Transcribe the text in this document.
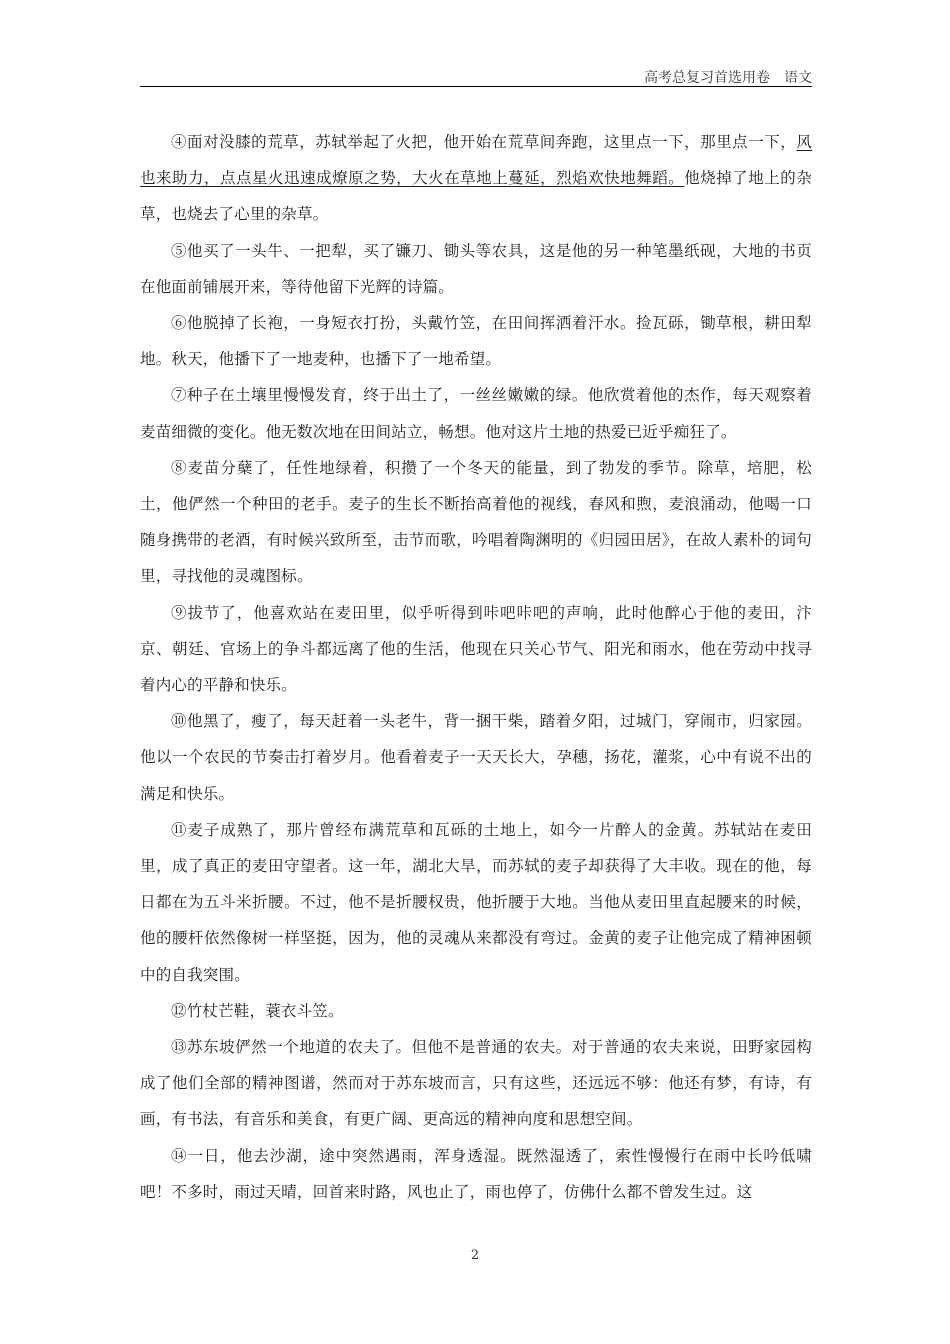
高考总复习首选用卷　语文

④面对没膝的荒草，苏轼举起了火把，他开始在荒草间奔跑，这里点一下，那里点一下，风也来助力，点点星火迅速成燎原之势，大火在草地上蔓延，烈焰欢快地舞蹈。他烧掉了地上的杂草，也烧去了心里的杂草。

⑤他买了一头牛、一把犁，买了镰刀、锄头等农具，这是他的另一种笔墨纸砚，大地的书页在他面前铺展开来，等待他留下光辉的诗篇。

⑥他脱掉了长袍，一身短衣打扮，头戴竹笠，在田间挥洒着汗水。捡瓦砾，锄草根，耕田犁地。秋天，他播下了一地麦种，也播下了一地希望。

⑦种子在土壤里慢慢发育，终于出土了，一丝丝嫩嫩的绿。他欣赏着他的杰作，每天观察着麦苗细微的变化。他无数次地在田间站立，畅想。他对这片土地的热爱已近乎痴狂了。

⑧麦苗分蘖了，任性地绿着，积攒了一个冬天的能量，到了勃发的季节。除草，培肥，松土，他俨然一个种田的老手。麦子的生长不断抬高着他的视线，春风和煦，麦浪涌动，他喝一口随身携带的老酒，有时候兴致所至，击节而歌，吟唱着陶渊明的《归园田居》，在故人素朴的词句里，寻找他的灵魂图标。

⑨拔节了，他喜欢站在麦田里，似乎听得到咔吧咔吧的声响，此时他醉心于他的麦田，汴京、朝廷、官场上的争斗都远离了他的生活，他现在只关心节气、阳光和雨水，他在劳动中找寻着内心的平静和快乐。

⑩他黑了，瘦了，每天赶着一头老牛，背一捆干柴，踏着夕阳，过城门，穿闹市，归家园。他以一个农民的节奏击打着岁月。他看着麦子一天天长大，孕穗，扬花，灌浆，心中有说不出的满足和快乐。

⑪麦子成熟了，那片曾经布满荒草和瓦砾的土地上，如今一片醉人的金黄。苏轼站在麦田里，成了真正的麦田守望者。这一年，湖北大旱，而苏轼的麦子却获得了大丰收。现在的他，每日都在为五斗米折腰。不过，他不是折腰权贵，他折腰于大地。当他从麦田里直起腰来的时候，他的腰杆依然像树一样坚挺，因为，他的灵魂从来都没有弯过。金黄的麦子让他完成了精神困顿中的自我突围。

⑫竹杖芒鞋，蓑衣斗笠。

⑬苏东坡俨然一个地道的农夫了。但他不是普通的农夫。对于普通的农夫来说，田野家园构成了他们全部的精神图谱，然而对于苏东坡而言，只有这些，还远远不够：他还有梦，有诗，有画，有书法，有音乐和美食，有更广阔、更高远的精神向度和思想空间。

⑭一日，他去沙湖，途中突然遇雨，浑身透湿。既然湿透了，索性慢慢行在雨中长吟低啸吧！不多时，雨过天晴，回首来时路，风也止了，雨也停了，仿佛什么都不曾发生过。这

2
